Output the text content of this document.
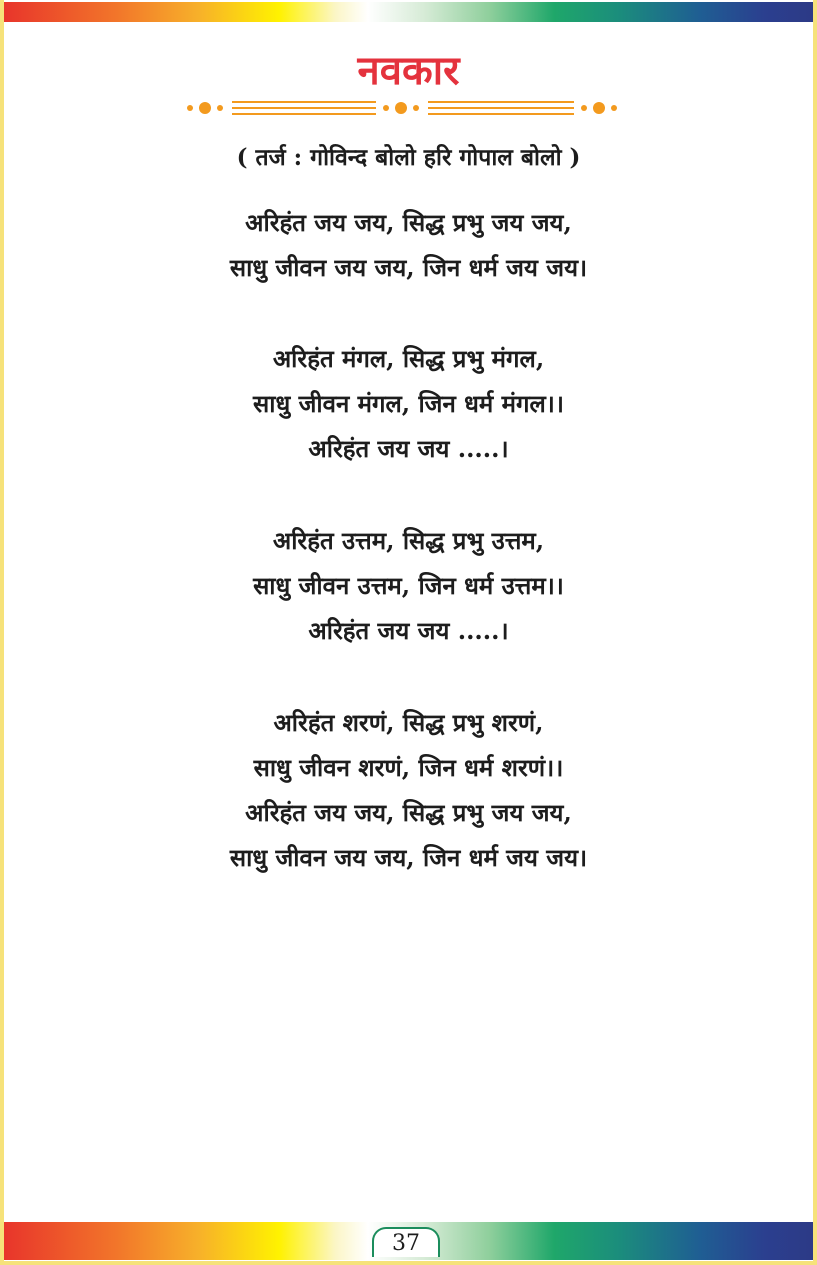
नवकार
( तर्ज : गोविन्द बोलो हरि गोपाल बोलो )
अरिहंत जय जय, सिद्ध प्रभु जय जय,
साधु जीवन जय जय, जिन धर्म जय जय।
अरिहंत मंगल, सिद्ध प्रभु मंगल,
साधु जीवन मंगल, जिन धर्म मंगल।।
अरिहंत जय जय .....।
अरिहंत उत्तम, सिद्ध प्रभु उत्तम,
साधु जीवन उत्तम, जिन धर्म उत्तम।।
अरिहंत जय जय .....।
अरिहंत शरणं, सिद्ध प्रभु शरणं,
साधु जीवन शरणं, जिन धर्म शरणं।।
अरिहंत जय जय, सिद्ध प्रभु जय जय,
साधु जीवन जय जय, जिन धर्म जय जय।
37
